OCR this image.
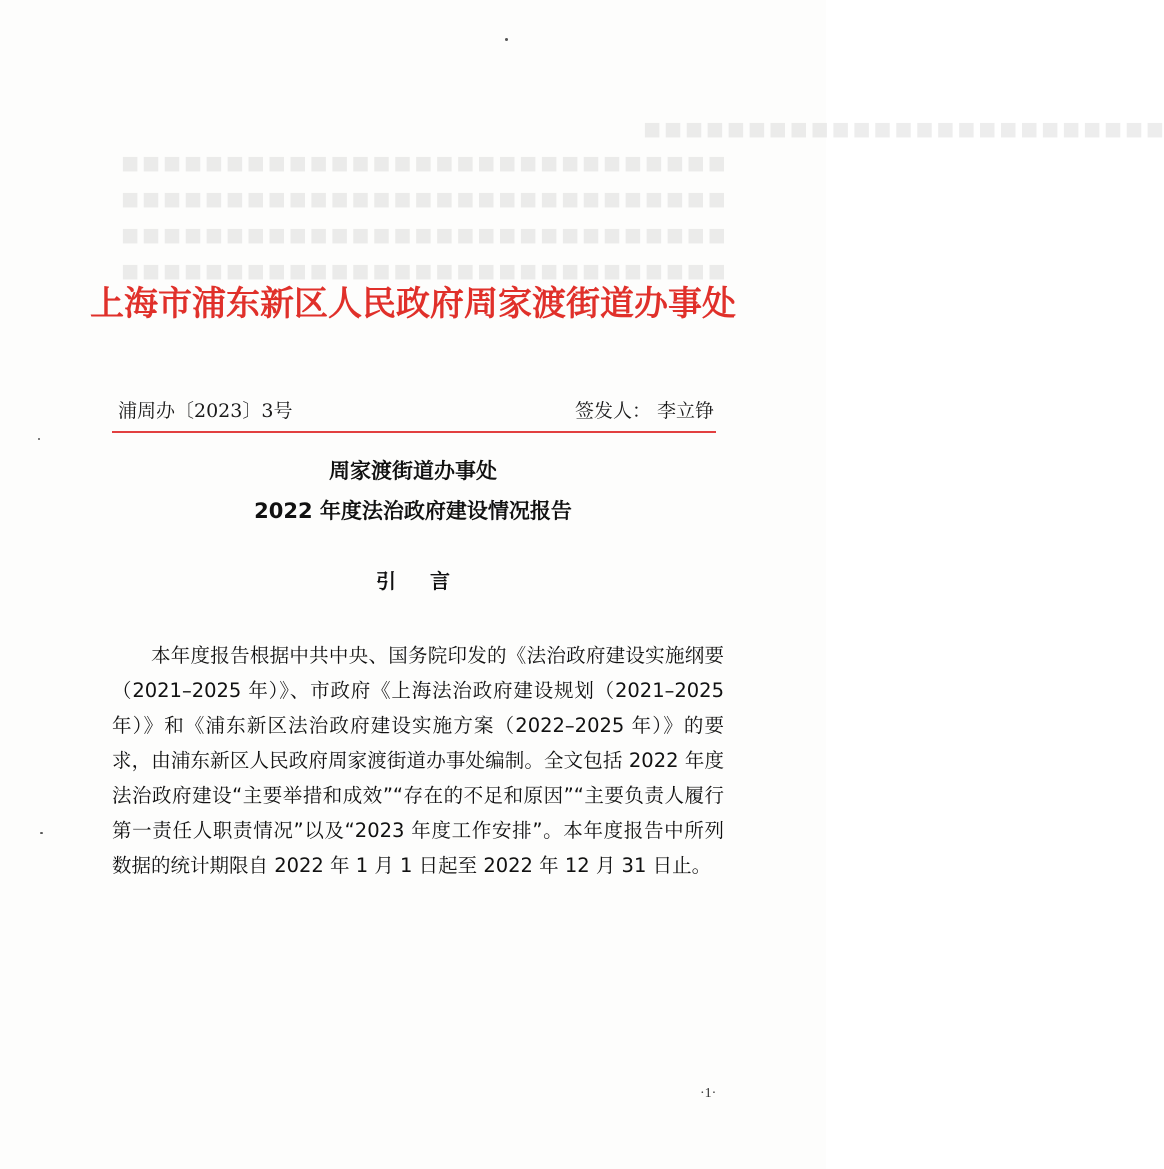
■■■■■■■■■■■■■■■■■■■■■■■■■
■■■■■■■■■■■■■■■■■■■■■■■■■■■■■
■■■■■■■■■■■■■■■■■■■■■■■■■■■■■
■■■■■■■■■■■■■■■■■■■■■■■■■■■■■
■■■■■■■■■■■■■■■■■■■■■■■■■■■■■
上海市浦东新区人民政府周家渡街道办事处

浦周办〔2023〕3号	签发人： 李立铮

周家渡街道办事处
2022 年度法治政府建设情况报告
引言

本年度报告根据中共中央、国务院印发的《法治政府建设实施纲要（2021–2025 年）》、市政府《上海法治政府建设规划（2021–2025 年）》和《浦东新区法治政府建设实施方案（2022–2025 年）》的要求，由浦东新区人民政府周家渡街道办事处编制。全文包括 2022 年度法治政府建设“主要举措和成效”“存在的不足和原因”“主要负责人履行第一责任人职责情况”以及“2023 年度工作安排”。本年度报告中所列数据的统计期限自 2022 年 1 月 1 日起至 2022 年 12 月 31 日止。

·1·
